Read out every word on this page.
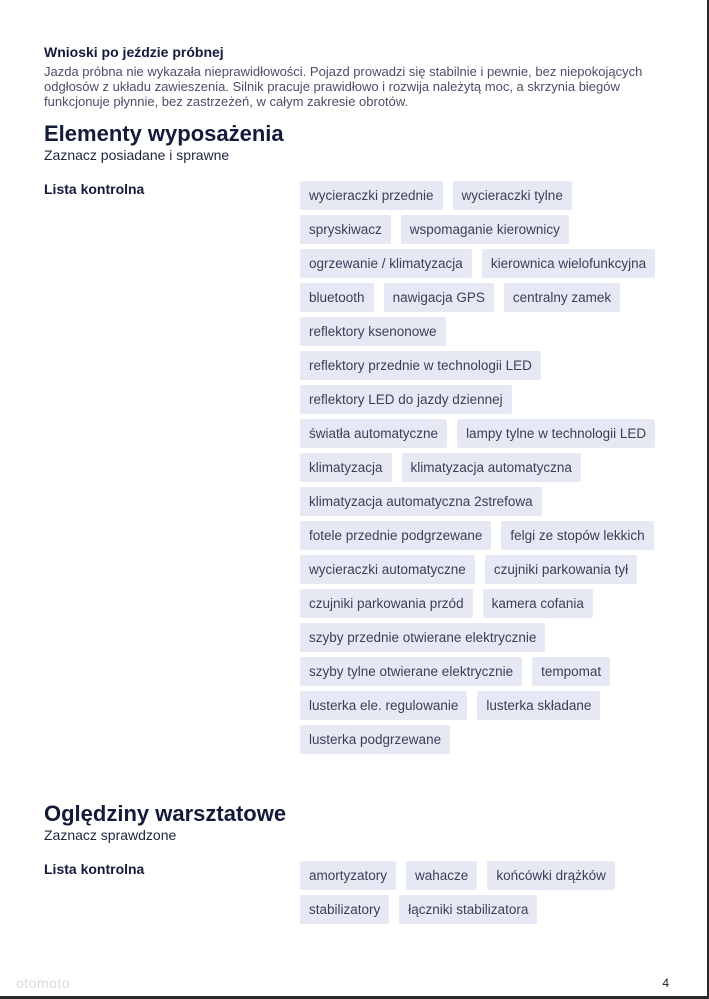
Wnioski po jeździe próbnej

Jazda próbna nie wykazała nieprawidłowości. Pojazd prowadzi się stabilnie i pewnie, bez niepokojących odgłosów z układu zawieszenia. Silnik pracuje prawidłowo i rozwija należytą moc, a skrzynia biegów funkcjonuje płynnie, bez zastrzeżeń, w całym zakresie obrotów.

Elementy wyposażenia

Zaznacz posiadane i sprawne

Lista kontrolna	wycieraczki przednie	wycieraczki tylne
spryskiwacz	wspomaganie kierownicy
ogrzewanie / klimatyzacja	kierownica wielofunkcyjna
bluetooth	nawigacja GPS	centralny zamek
reflektory ksenonowe
reflektory przednie w technologii LED
reflektory LED do jazdy dziennej
światła automatyczne	lampy tylne w technologii LED
klimatyzacja	klimatyzacja automatyczna
klimatyzacja automatyczna 2strefowa
fotele przednie podgrzewane	felgi ze stopów lekkich
wycieraczki automatyczne	czujniki parkowania tył
czujniki parkowania przód	kamera cofania
szyby przednie otwierane elektrycznie
szyby tylne otwierane elektrycznie	tempomat
lusterka ele. regulowanie	lusterka składane
lusterka podgrzewane
Oględziny warsztatowe

Zaznacz sprawdzone

Lista kontrolna	amortyzatory	wahacze	końcówki drążków
stabilizatory	łączniki stabilizatora
otomoto	4
